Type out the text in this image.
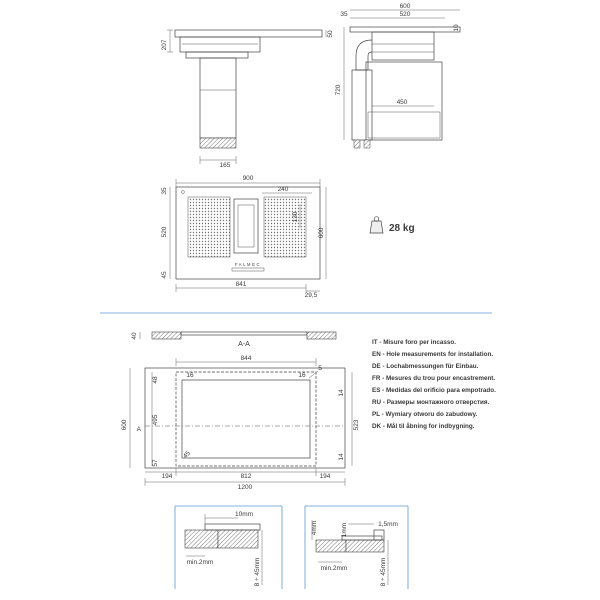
207
50
165
600
520
35
10
720
450
900
240
130
FALMEC
35
520
45
600
841
29,5
28 kg
40
A-A
844
A
16	16
5
45
48
495
57
600
14
523
14
194	812	194
1200
IT - Misure foro per incasso.
EN - Hole measurements for installation.
DE - Lochabmessungen für Einbau.
FR - Mesures du trou pour encastrement.
ES - Medidas del orificio para empotrado.
RU - Размеры монтажного отверстия.
PL - Wymiary otworu do zabudowy.
DK - Mål til åbning for indbygning.
10mm
min.2mm	8 ÷ 45mm
1,5mm
4mm	1mm
min.2mm	8 ÷ 45mm
